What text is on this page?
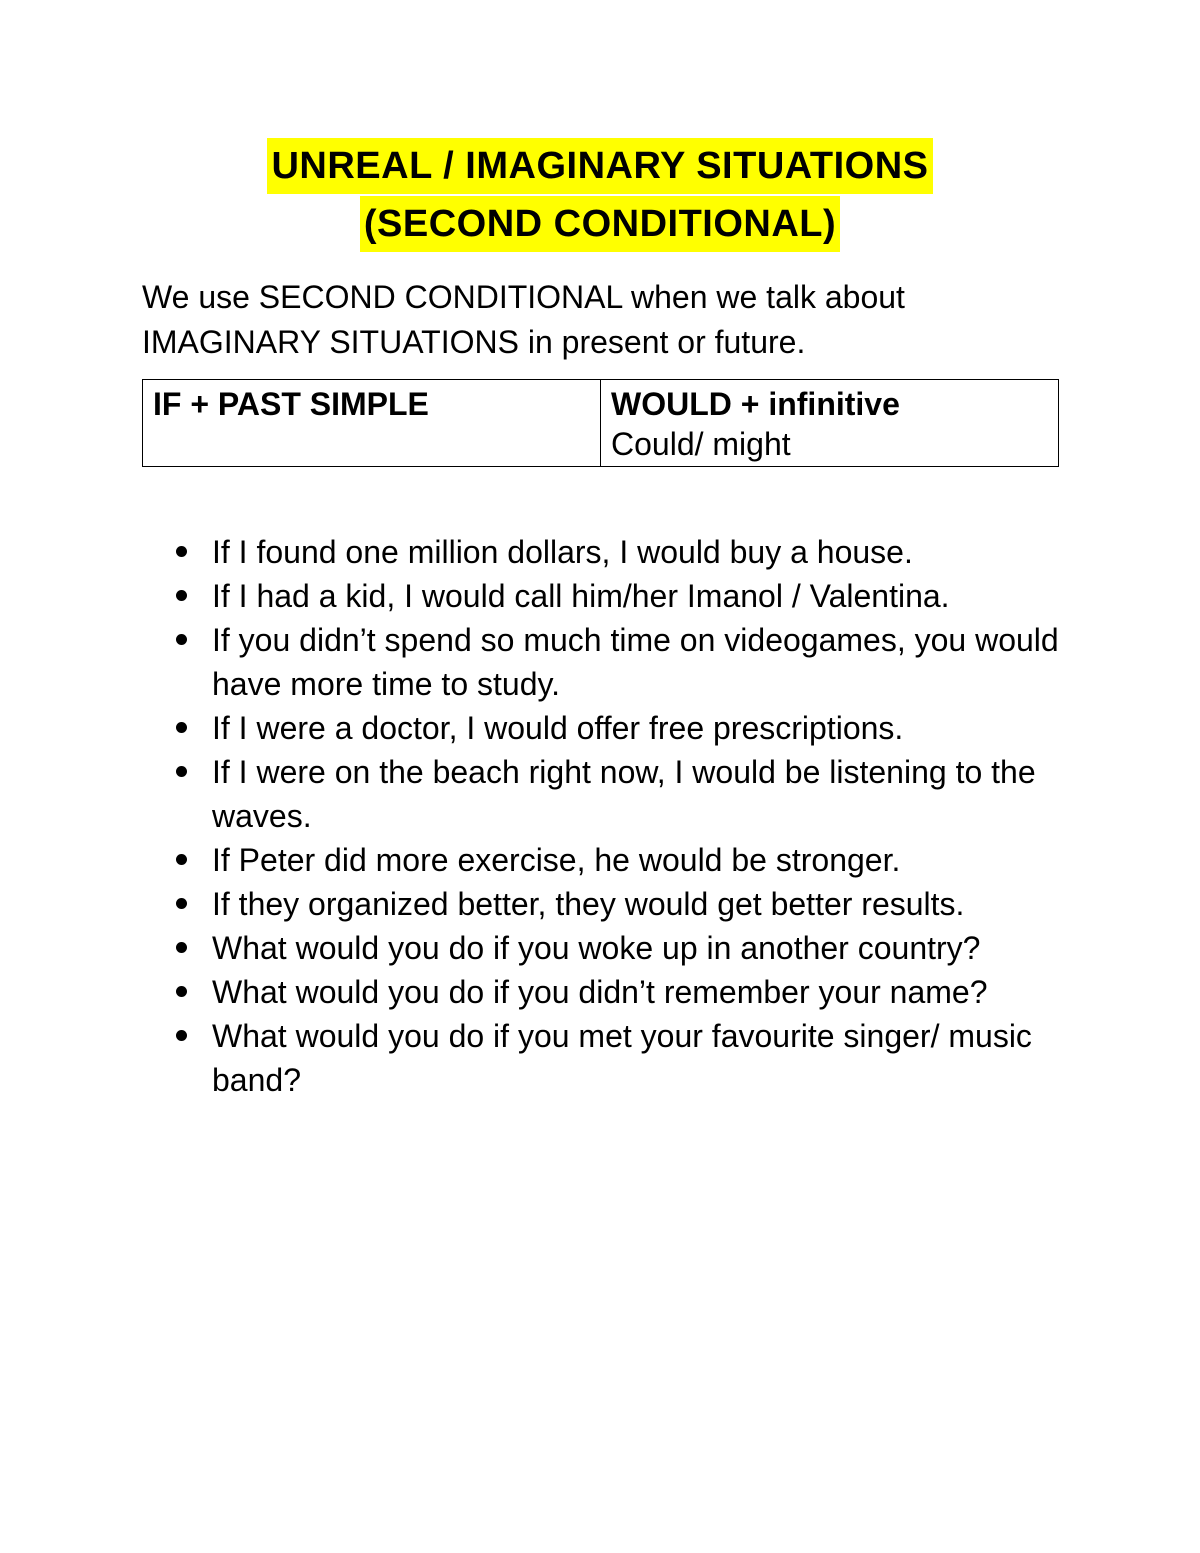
UNREAL / IMAGINARY SITUATIONS
(SECOND CONDITIONAL)

We use SECOND CONDITIONAL when we talk about

IMAGINARY SITUATIONS in present or future.

IF + PAST SIMPLE	WOULD + infinitive
Could/ might
If I found one million dollars, I would buy a house.
If I had a kid, I would call him/her Imanol / Valentina.
If you didn’t spend so much time on videogames, you would have more time to study.
If I were a doctor, I would offer free prescriptions.
If I were on the beach right now, I would be listening to the waves.
If Peter did more exercise, he would be stronger.
If they organized better, they would get better results.
What would you do if you woke up in another country?
What would you do if you didn’t remember your name?
What would you do if you met your favourite singer/ music band?
